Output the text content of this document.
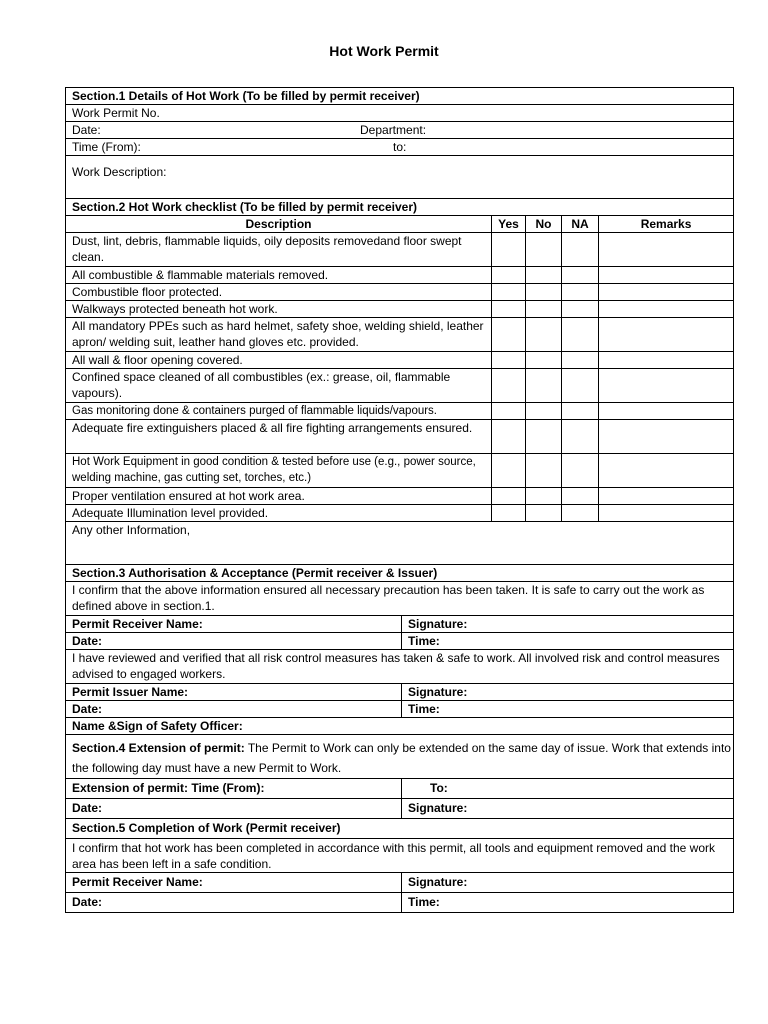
Hot Work Permit
Section.1 Details of Hot Work (To be filled by permit receiver)					
Work Permit No.					
Date: Department:					

Time (From): to:					

Work Description:					
Section.2 Hot Work checklist (To be filled by permit receiver)					
Description		Yes	No	NA	Remarks
Dust, lint, debris, flammable liquids, oily deposits removedand floor swept clean.					
All combustible & flammable materials removed.					
Combustible floor protected.					
Walkways protected beneath hot work.					
All mandatory PPEs such as hard helmet, safety shoe, welding shield, leather apron/ welding suit, leather hand gloves etc. provided.					
All wall & floor opening covered.					
Confined space cleaned of all combustibles (ex.: grease, oil, flammable vapours).					
Gas monitoring done & containers purged of flammable liquids/vapours.					
Adequate fire extinguishers placed & all fire fighting arrangements ensured.					
Hot Work Equipment in good condition & tested before use (e.g., power source, welding machine, gas cutting set, torches, etc.)					
Proper ventilation ensured at hot work area.					
Adequate Illumination level provided.					
Any other Information,					
Section.3 Authorisation & Acceptance (Permit receiver & Issuer)					
I confirm that the above information ensured all necessary precaution has been taken. It is safe to carry out the work as defined above in section.1.					
Permit Receiver Name:	Signature:				
Date:	Time:				
I have reviewed and verified that all risk control measures has taken & safe to work. All involved risk and control measures advised to engaged workers.					
Permit Issuer Name:	Signature:				
Date:	Time:				
Name &Sign of Safety Officer:					
Section.4 Extension of permit: The Permit to Work can only be extended on the same day of issue. Work that extends into the following day must have a new Permit to Work.					
Extension of permit: Time (From):	To:				
Date:	Signature:				
Section.5 Completion of Work (Permit receiver)					
I confirm that hot work has been completed in accordance with this permit, all tools and equipment removed and the work area has been left in a safe condition.					
Permit Receiver Name:	Signature:				
Date:	Time:				
